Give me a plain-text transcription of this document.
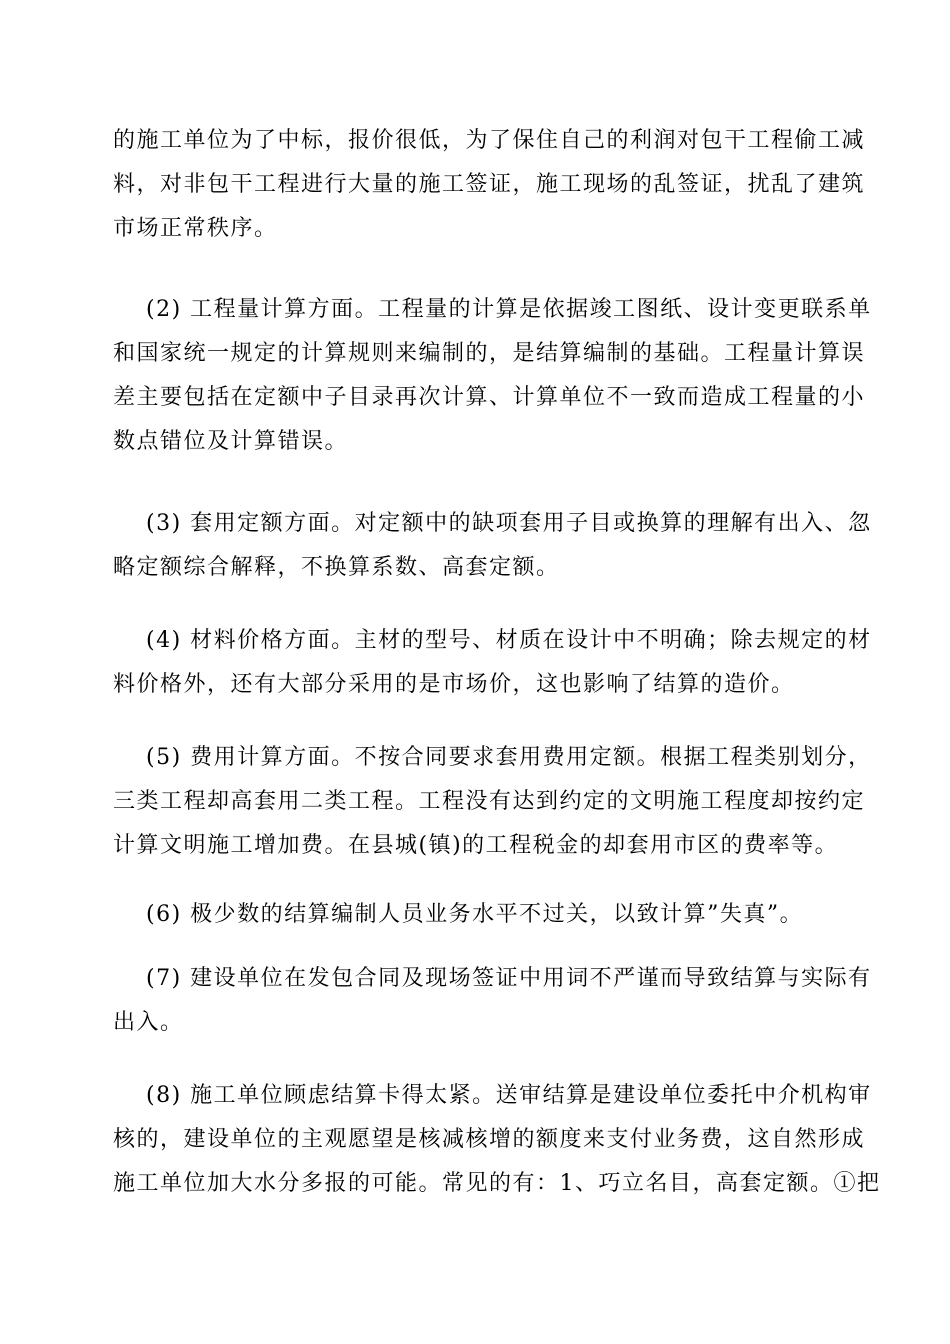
的施工单位为了中标，报价很低，为了保住自己的利润对包干工程偷工减
料，对非包干工程进行大量的施工签证，施工现场的乱签证，扰乱了建筑
市场正常秩序。
(2) 工程量计算方面。工程量的计算是依据竣工图纸、设计变更联系单
和国家统一规定的计算规则来编制的，是结算编制的基础。工程量计算误
差主要包括在定额中子目录再次计算、计算单位不一致而造成工程量的小
数点错位及计算错误。
(3) 套用定额方面。对定额中的缺项套用子目或换算的理解有出入、忽
略定额综合解释，不换算系数、高套定额。
(4) 材料价格方面。主材的型号、材质在设计中不明确；除去规定的材
料价格外，还有大部分采用的是市场价，这也影响了结算的造价。
(5) 费用计算方面。不按合同要求套用费用定额。根据工程类别划分，
三类工程却高套用二类工程。工程没有达到约定的文明施工程度却按约定
计算文明施工增加费。在县城(镇)的工程税金的却套用市区的费率等。
(6) 极少数的结算编制人员业务水平不过关，以致计算”失真”。
(7) 建设单位在发包合同及现场签证中用词不严谨而导致结算与实际有
出入。
(8) 施工单位顾虑结算卡得太紧。送审结算是建设单位委托中介机构审
核的，建设单位的主观愿望是核减核增的额度来支付业务费，这自然形成
施工单位加大水分多报的可能。常见的有：1、巧立名目，高套定额。①把
